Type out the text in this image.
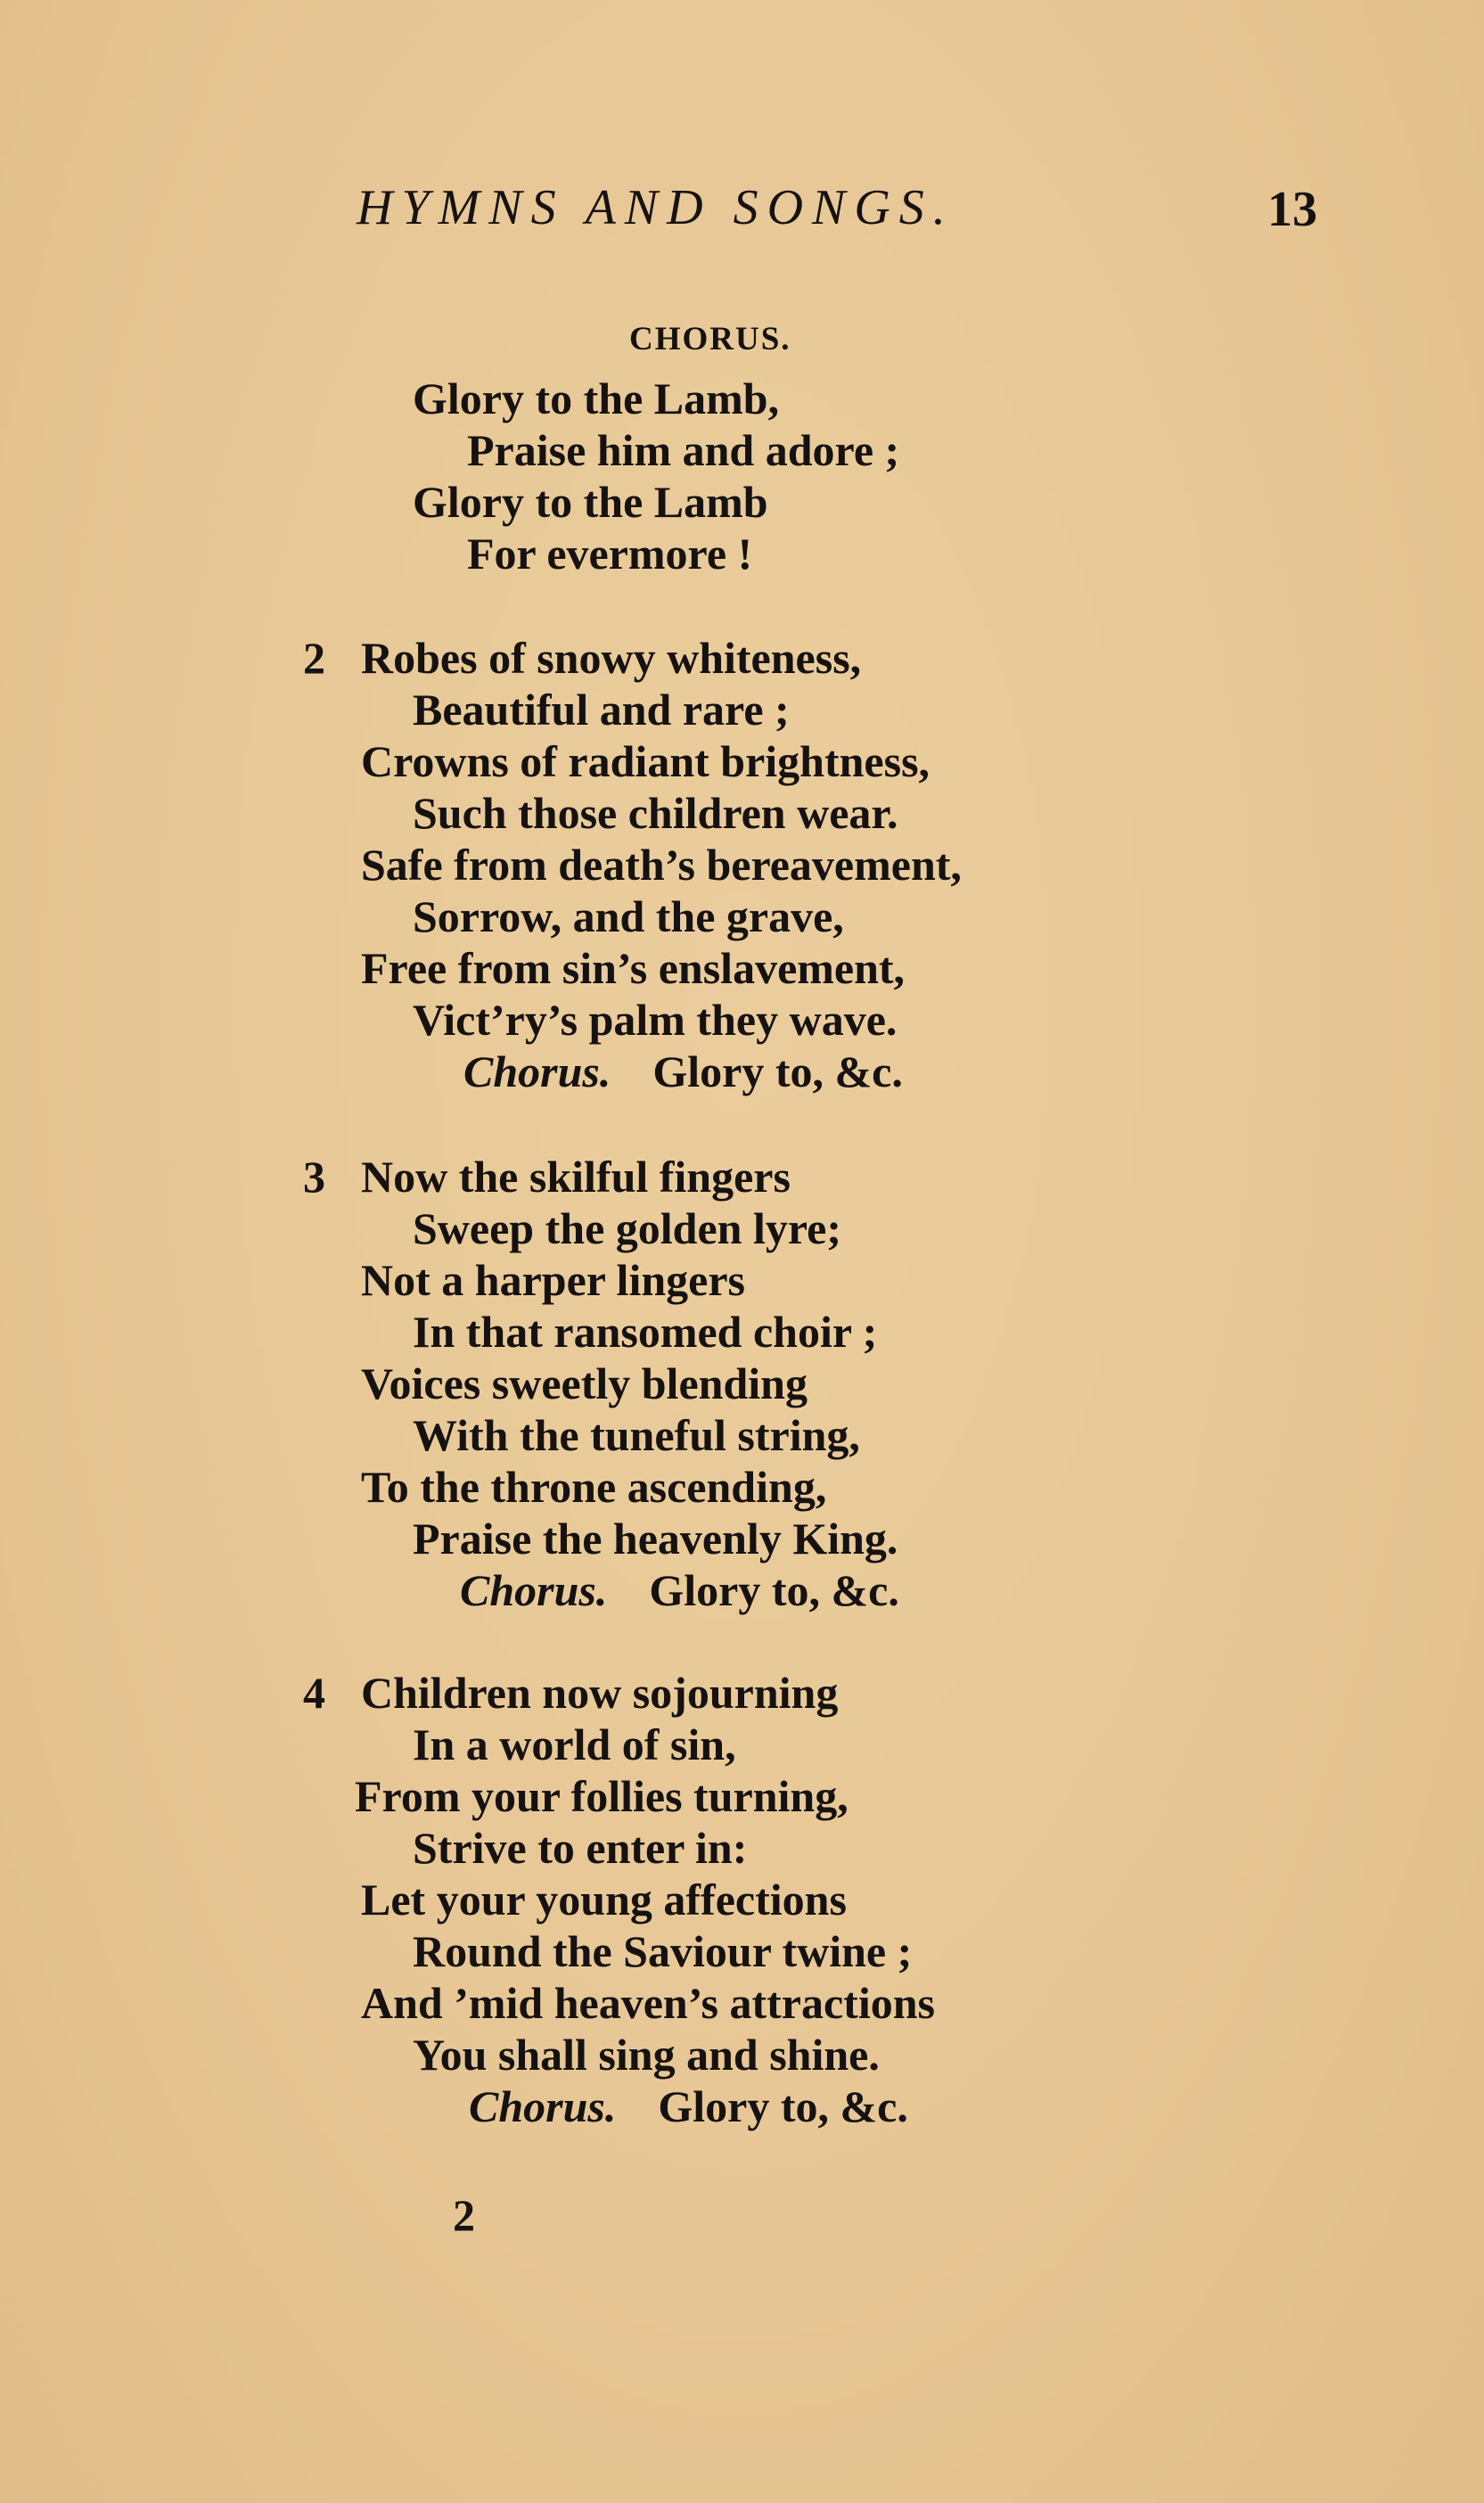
HYMNS AND SONGS.	13
CHORUS.
Glory to the Lamb,
Praise him and adore ;
Glory to the Lamb
For evermore !
2 Robes of snowy whiteness,
Beautiful and rare ;
Crowns of radiant brightness,
Such those children wear.
Safe from death’s bereavement,
Sorrow, and the grave,
Free from sin’s enslavement,
Vict’ry’s palm they wave.
Chorus. Glory to, &c.
3 Now the skilful fingers
Sweep the golden lyre;
Not a harper lingers
In that ransomed choir ;
Voices sweetly blending
With the tuneful string,
To the throne ascending,
Praise the heavenly King.
Chorus. Glory to, &c.
4 Children now sojourning
In a world of sin,
From your follies turning,
Strive to enter in:
Let your young affections
Round the Saviour twine ;
And ’mid heaven’s attractions
You shall sing and shine.
Chorus. Glory to, &c.
2
